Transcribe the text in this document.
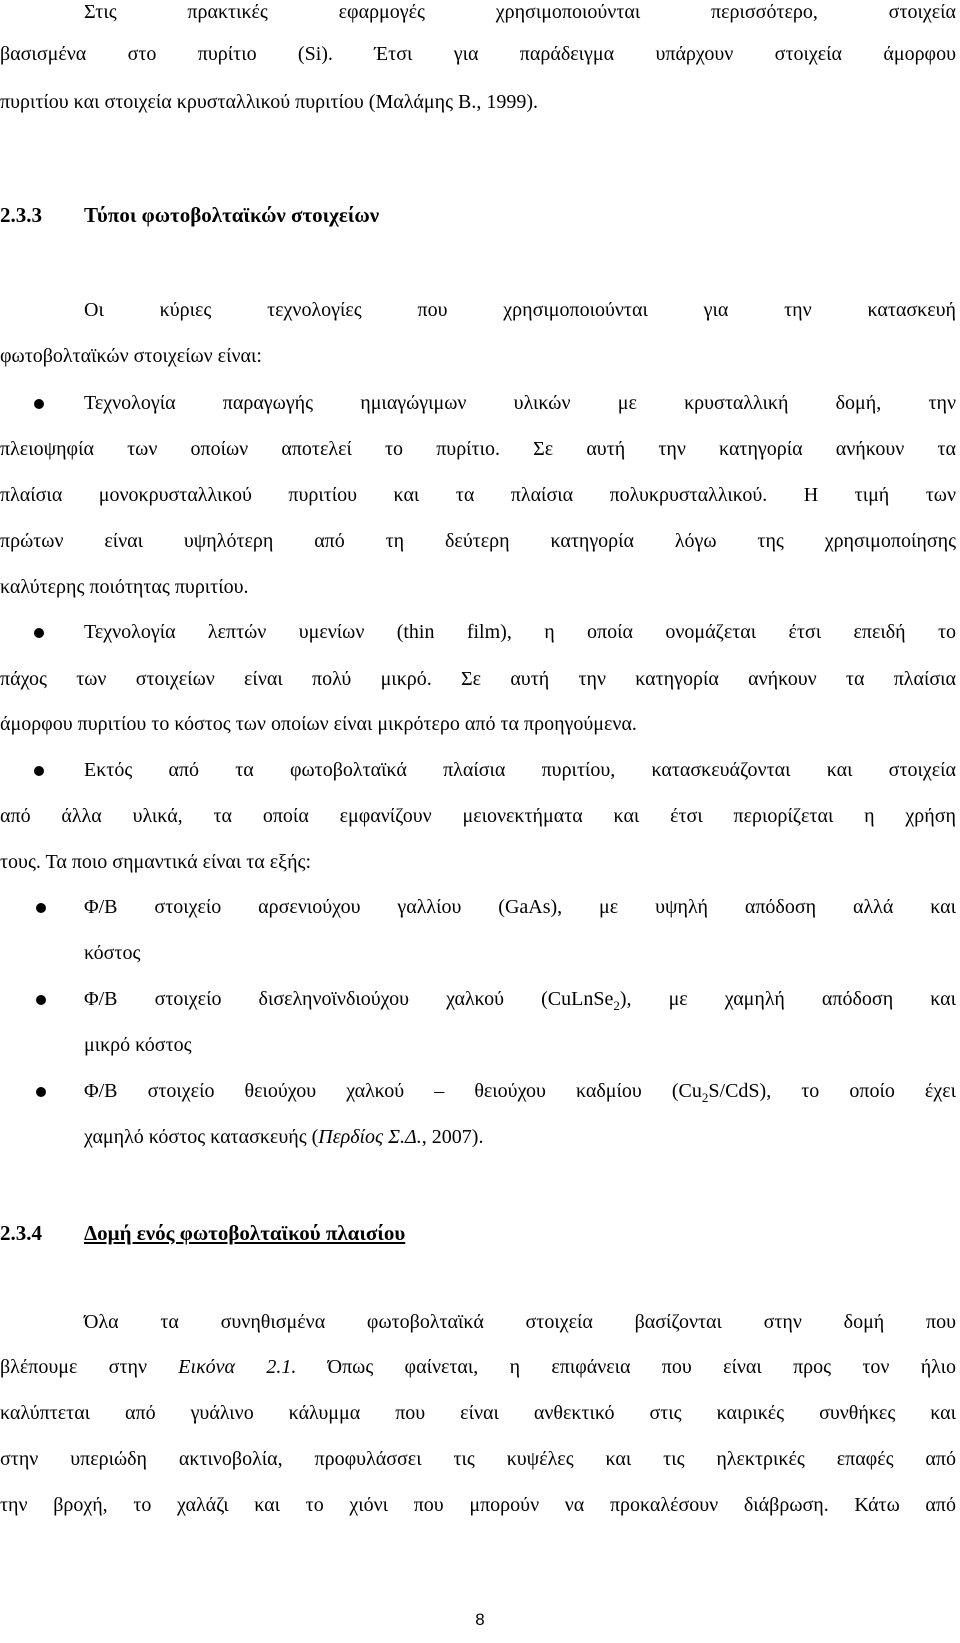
Στις πρακτικές εφαρμογές χρησιμοποιούνται περισσότερο, στοιχεία
βασισμένα στο πυρίτιο (Si). Έτσι για παράδειγμα υπάρχουν στοιχεία άμορφου
πυριτίου και στοιχεία κρυσταλλικού πυριτίου (Μαλάμης Β., 1999).
2.3.3 Τύποι φωτοβολταϊκών στοιχείων
Οι κύριες τεχνολογίες που χρησιμοποιούνται για την κατασκευή
φωτοβολταϊκών στοιχείων είναι:
Τεχνολογία παραγωγής ημιαγώγιμων υλικών με κρυσταλλική δομή, την
πλειοψηφία των οποίων αποτελεί το πυρίτιο. Σε αυτή την κατηγορία ανήκουν τα
πλαίσια μονοκρυσταλλικού πυριτίου και τα πλαίσια πολυκρυσταλλικού. Η τιμή των
πρώτων είναι υψηλότερη από τη δεύτερη κατηγορία λόγω της χρησιμοποίησης
καλύτερης ποιότητας πυριτίου.
Τεχνολογία λεπτών υμενίων (thin film), η οποία ονομάζεται έτσι επειδή το
πάχος των στοιχείων είναι πολύ μικρό. Σε αυτή την κατηγορία ανήκουν τα πλαίσια
άμορφου πυριτίου το κόστος των οποίων είναι μικρότερο από τα προηγούμενα.
Εκτός από τα φωτοβολταϊκά πλαίσια πυριτίου, κατασκευάζονται και στοιχεία
από άλλα υλικά, τα οποία εμφανίζουν μειονεκτήματα και έτσι περιορίζεται η χρήση
τους. Τα ποιο σημαντικά είναι τα εξής:
Φ/Β στοιχείο αρσενιούχου γαλλίου (GaAs), με υψηλή απόδοση αλλά και
κόστος
Φ/Β στοιχείο δισεληνοϊνδιούχου χαλκού (CuLnSe$_2$), με χαμηλή απόδοση και
μικρό κόστος
Φ/Β στοιχείο θειούχου χαλκού – θειούχου καδμίου $(Cu_2S/CdS)$, το οποίο έχει
χαμηλό κόστος κατασκευής (Περδίος Σ.Δ., 2007).
2.3.4 Δομή ενός φωτοβολταϊκού πλαισίου
Όλα τα συνηθισμένα φωτοβολταϊκά στοιχεία βασίζονται στην δομή που
βλέπουμε στην Εικόνα 2.1. Όπως φαίνεται, η επιφάνεια που είναι προς τον ήλιο
καλύπτεται από γυάλινο κάλυμμα που είναι ανθεκτικό στις καιρικές συνθήκες και
στην υπεριώδη ακτινοβολία, προφυλάσσει τις κυψέλες και τις ηλεκτρικές επαφές από
την βροχή, το χαλάζι και το χιόνι που μπορούν να προκαλέσουν διάβρωση. Κάτω από
8
